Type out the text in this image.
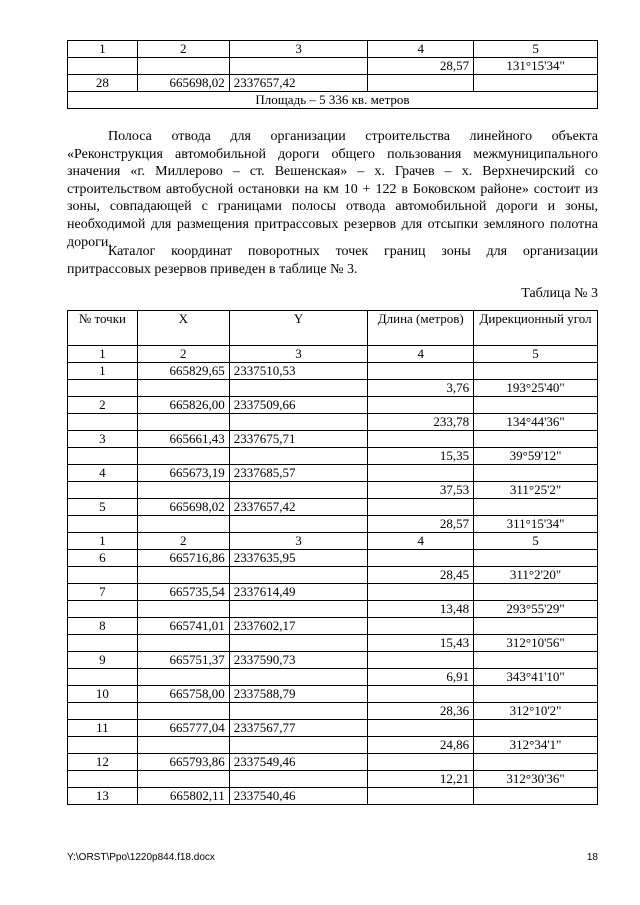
1	2	3	4	5
			28,57	131°15'34"
28	665698,02	2337657,42		
Площадь – 5 336 кв. метров				

Полоса отвода для организации строительства линейного объекта «Реконструкция автомобильной дороги общего пользования межмуниципального значения «г. Миллерово – ст. Вешенская» – х. Грачев – х. Верхнечирский со строительством автобусной остановки на км 10 + 122 в Боковском районе» состоит из зоны, совпадающей с границами полосы отвода автомобильной дороги и зоны, необходимой для размещения притрассовых резервов для отсыпки земляного полотна дороги.

Каталог координат поворотных точек границ зоны для организации притрассовых резервов приведен в таблице № 3.

Таблица № 3
№ точки	X	Y	Длина (метров)	Дирекционный угол
1	2	3	4	5
1	665829,65	2337510,53		
			3,76	193°25'40"
2	665826,00	2337509,66		
			233,78	134°44'36"
3	665661,43	2337675,71		
			15,35	39°59'12"
4	665673,19	2337685,57		
			37,53	311°25'2"
5	665698,02	2337657,42		
			28,57	311°15'34"
1	2	3	4	5
6	665716,86	2337635,95		
			28,45	311°2'20"
7	665735,54	2337614,49		
			13,48	293°55'29"
8	665741,01	2337602,17		
			15,43	312°10'56"
9	665751,37	2337590,73		
			6,91	343°41'10"
10	665758,00	2337588,79		
			28,36	312°10'2"
11	665777,04	2337567,77		
			24,86	312°34'1"
12	665793,86	2337549,46		
			12,21	312°30'36"
13	665802,11	2337540,46		
Y:\ORST\Ppo\1220p844.f18.docx	18
